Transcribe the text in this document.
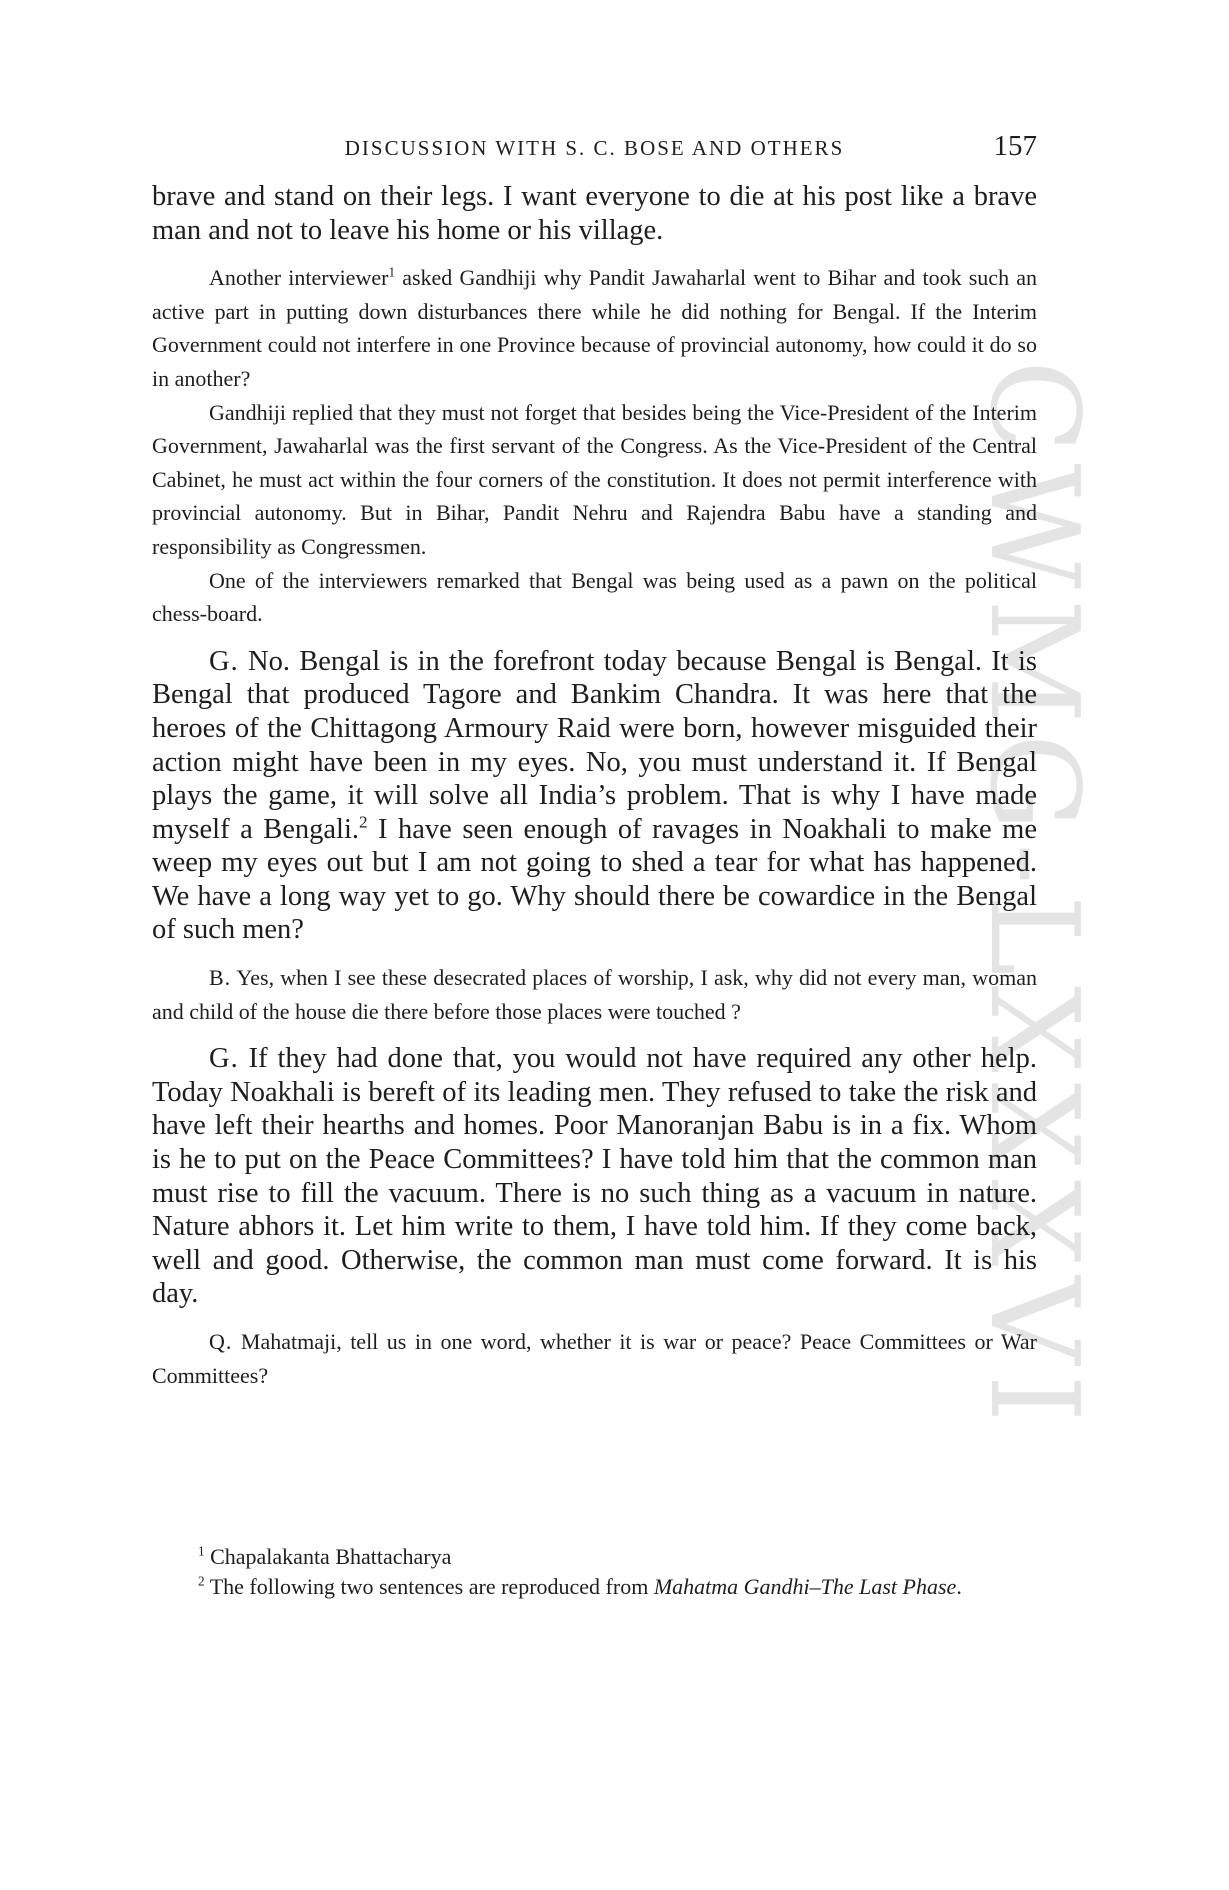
DISCUSSION WITH S. C. BOSE AND OTHERS	157
CWMG-LXXXVI

brave and stand on their legs. I want everyone to die at his post like a brave man and not to leave his home or his village.

Another interviewer$^1$ asked Gandhiji why Pandit Jawaharlal went to Bihar and took such an active part in putting down disturbances there while he did nothing for Bengal. If the Interim Government could not interfere in one Province because of provincial autonomy, how could it do so in another?

Gandhiji replied that they must not forget that besides being the Vice-President of the Interim Government, Jawaharlal was the first servant of the Congress. As the Vice-President of the Central Cabinet, he must act within the four corners of the constitution. It does not permit interference with provincial autonomy. But in Bihar, Pandit Nehru and Rajendra Babu have a standing and responsibility as Congressmen.

One of the interviewers remarked that Bengal was being used as a pawn on the political chess-board.

G. No. Bengal is in the forefront today because Bengal is Bengal. It is Bengal that produced Tagore and Bankim Chandra. It was here that the heroes of the Chittagong Armoury Raid were born, however misguided their action might have been in my eyes. No, you must understand it. If Bengal plays the game, it will solve all India’s problem. That is why I have made myself a Bengali.$^2$ I have seen enough of ravages in Noakhali to make me weep my eyes out but I am not going to shed a tear for what has happened. We have a long way yet to go. Why should there be cowardice in the Bengal of such men?

B. Yes, when I see these desecrated places of worship, I ask, why did not every man, woman and child of the house die there before those places were touched ?

G. If they had done that, you would not have required any other help. Today Noakhali is bereft of its leading men. They refused to take the risk and have left their hearths and homes. Poor Manoranjan Babu is in a fix. Whom is he to put on the Peace Committees? I have told him that the common man must rise to fill the vacuum. There is no such thing as a vacuum in nature. Nature abhors it. Let him write to them, I have told him. If they come back, well and good. Otherwise, the common man must come forward. It is his day.

Q. Mahatmaji, tell us in one word, whether it is war or peace? Peace Committees or War Committees?

$^1$ Chapalakanta Bhattacharya

$^2$ The following two sentences are reproduced from Mahatma Gandhi–The Last Phase.
